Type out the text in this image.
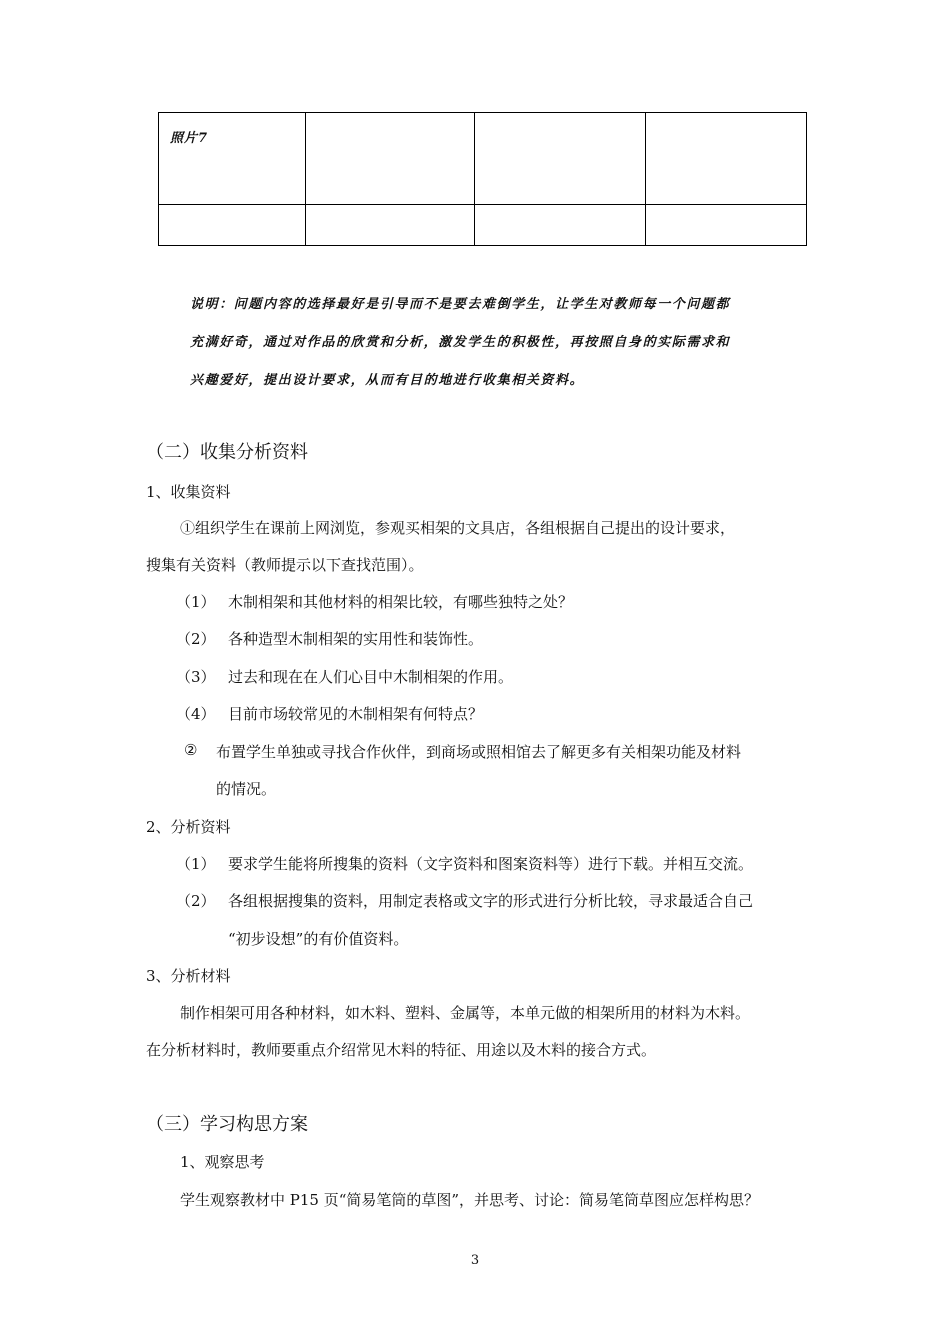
照片7			

说明：问题内容的选择最好是引导而不是要去难倒学生，让学生对教师每一个问题都
充满好奇，通过对作品的欣赏和分析，激发学生的积极性，再按照自身的实际需求和
兴趣爱好，提出设计要求，从而有目的地进行收集相关资料。
（二）收集分析资料
1、收集资料
①组织学生在课前上网浏览，参观买相架的文具店，各组根据自己提出的设计要求，
搜集有关资料（教师提示以下查找范围）。
（1） 木制相架和其他材料的相架比较，有哪些独特之处？
（2） 各种造型木制相架的实用性和装饰性。
（3） 过去和现在在人们心目中木制相架的作用。
（4） 目前市场较常见的木制相架有何特点？
② 布置学生单独或寻找合作伙伴，到商场或照相馆去了解更多有关相架功能及材料
的情况。
2、分析资料
（1） 要求学生能将所搜集的资料（文字资料和图案资料等）进行下载。并相互交流。
（2） 各组根据搜集的资料，用制定表格或文字的形式进行分析比较，寻求最适合自己
“初步设想”的有价值资料。
3、分析材料
制作相架可用各种材料，如木料、塑料、金属等，本单元做的相架所用的材料为木料。
在分析材料时，教师要重点介绍常见木料的特征、用途以及木料的接合方式。
（三）学习构思方案
1、观察思考
学生观察教材中 P15 页“简易笔筒的草图”，并思考、讨论：简易笔筒草图应怎样构思？
3
